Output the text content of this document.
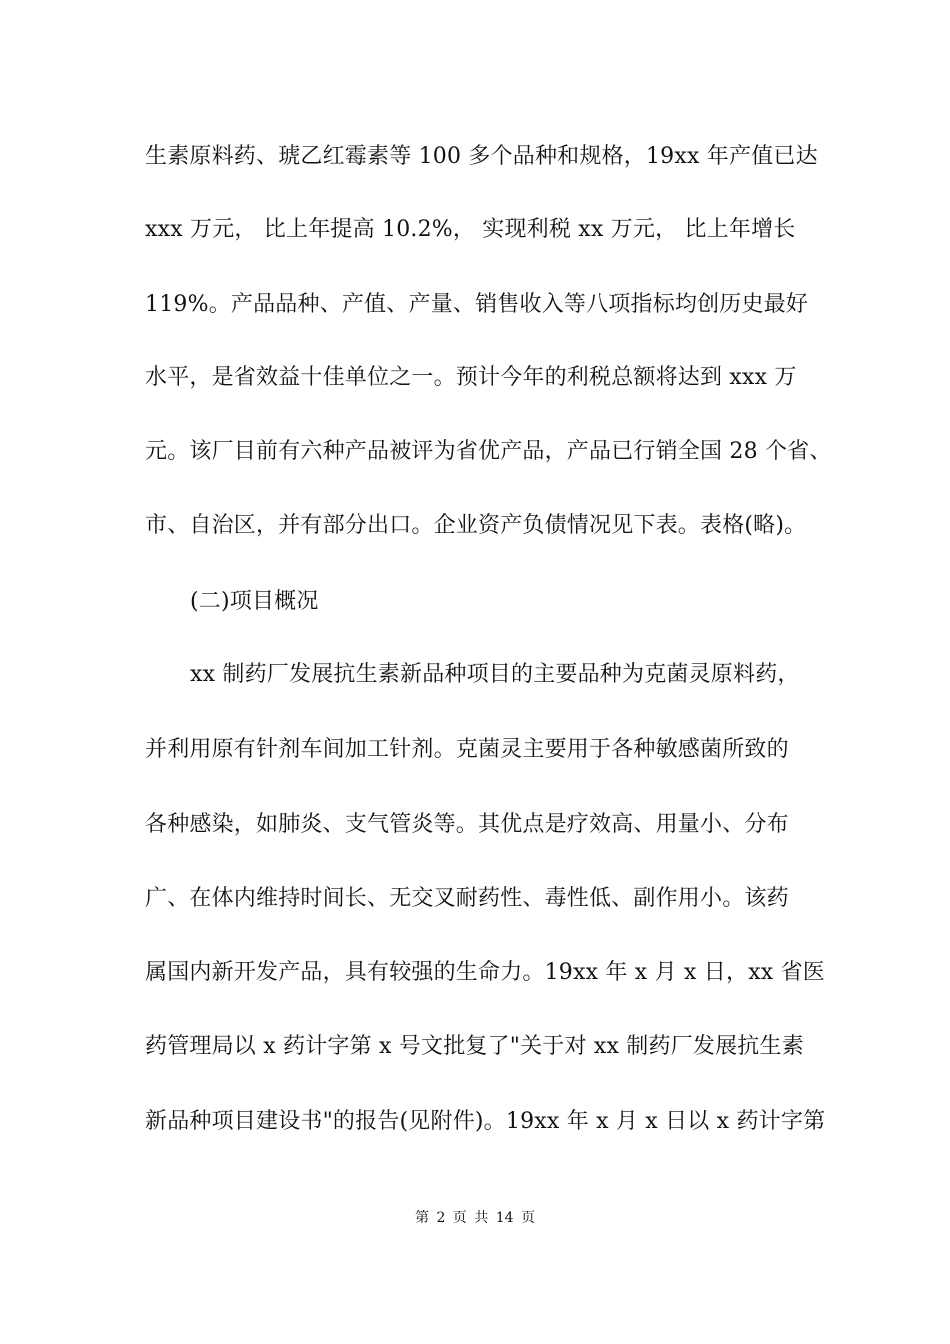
生素原料药、琥乙红霉素等 100 多个品种和规格，19xx 年产值已达
xxx 万元， 比上年提高 10.2%， 实现利税 xx 万元， 比上年增长
119%。产品品种、产值、产量、销售收入等八项指标均创历史最好
水平，是省效益十佳单位之一。预计今年的利税总额将达到 xxx 万
元。该厂目前有六种产品被评为省优产品，产品已行销全国 28 个省、
市、自治区，并有部分出口。企业资产负债情况见下表。表格(略)。
(二)项目概况
xx 制药厂发展抗生素新品种项目的主要品种为克菌灵原料药，
并利用原有针剂车间加工针剂。克菌灵主要用于各种敏感菌所致的
各种感染，如肺炎、支气管炎等。其优点是疗效高、用量小、分布
广、在体内维持时间长、无交叉耐药性、毒性低、副作用小。该药
属国内新开发产品，具有较强的生命力。19xx 年 x 月 x 日，xx 省医
药管理局以 x 药计字第 x 号文批复了"关于对 xx 制药厂发展抗生素
新品种项目建设书"的报告(见附件)。19xx 年 x 月 x 日以 x 药计字第
第 2 页 共 14 页
